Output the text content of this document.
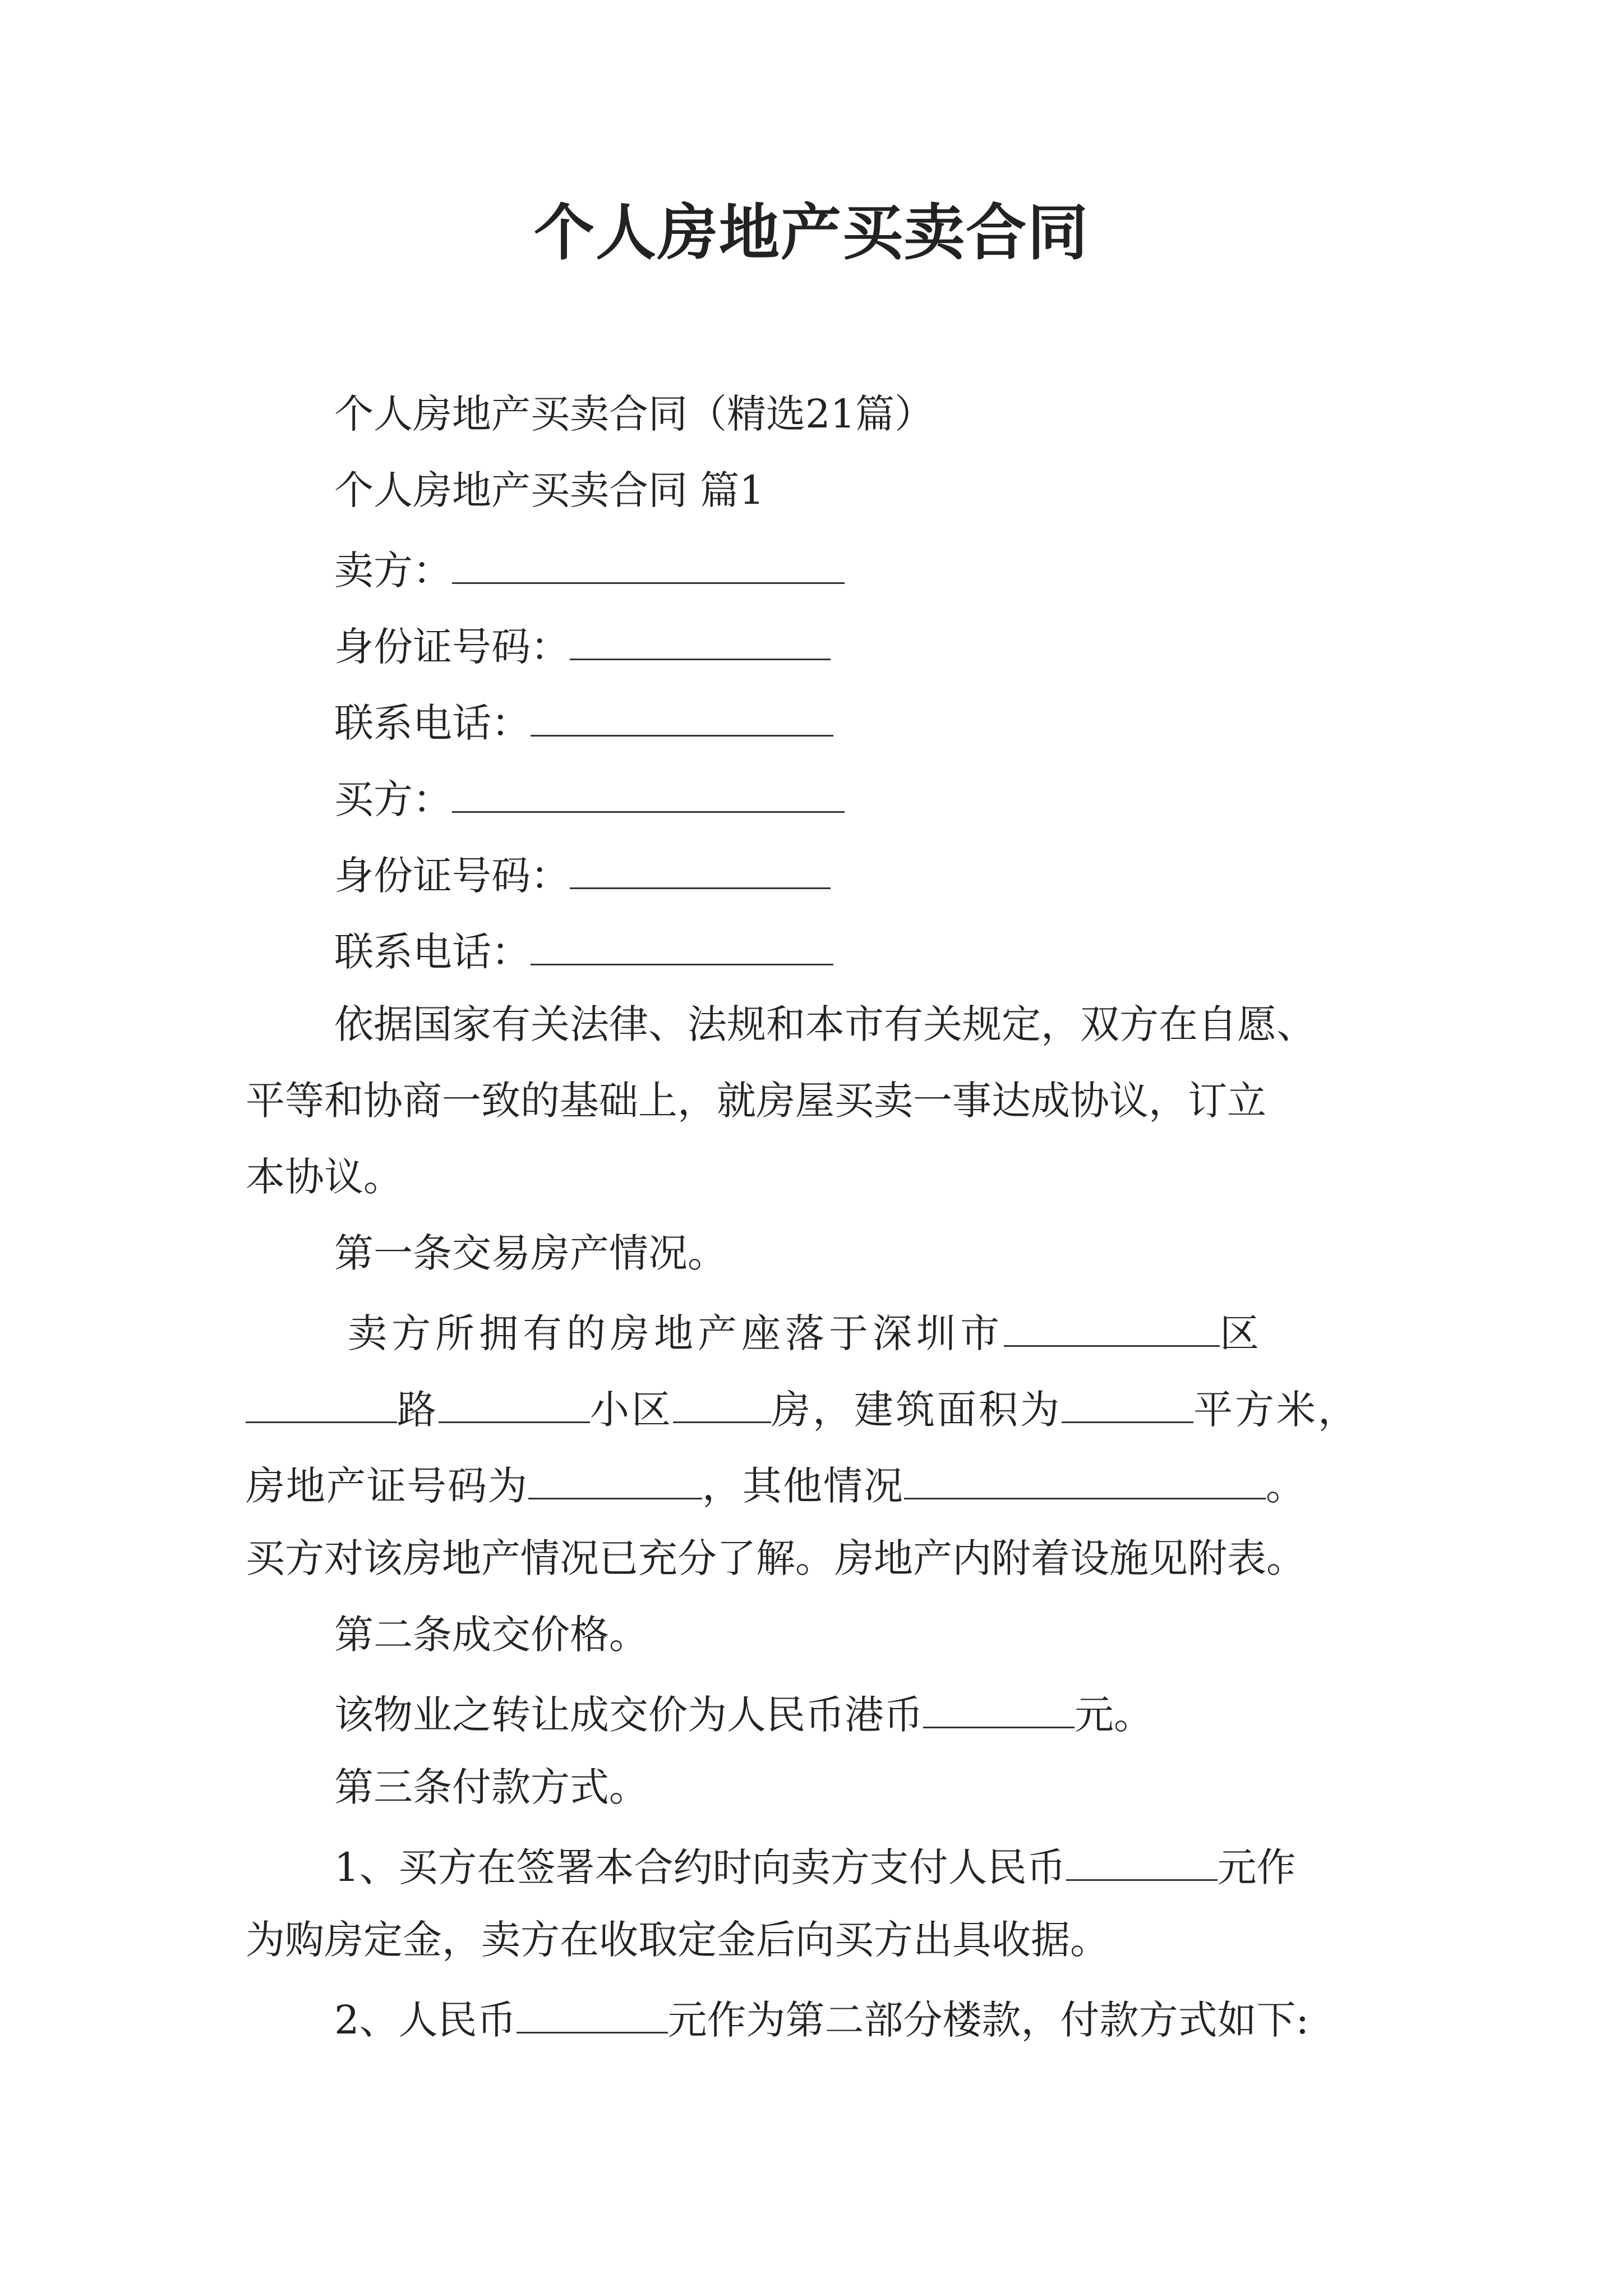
个人房地产买卖合同
个人房地产买卖合同（精选21篇）
个人房地产买卖合同 篇1
卖方：
身份证号码：
联系电话：
买方：
身份证号码：
联系电话：
依据国家有关法律、法规和本市有关规定，双方在自愿、
平等和协商一致的基础上，就房屋买卖一事达成协议，订立
本协议。
第一条交易房产情况。
卖方所拥有的房地产座落于深圳市	区
路	小区	房，建筑面积为	平方米，
房地产证号码为	，其他情况	。
买方对该房地产情况已充分了解。房地产内附着设施见附表。
第二条成交价格。
该物业之转让成交价为人民币港币	元。
第三条付款方式。
1、买方在签署本合约时向卖方支付人民币	元作
为购房定金，卖方在收取定金后向买方出具收据。
2、人民币	元作为第二部分楼款，付款方式如下:
